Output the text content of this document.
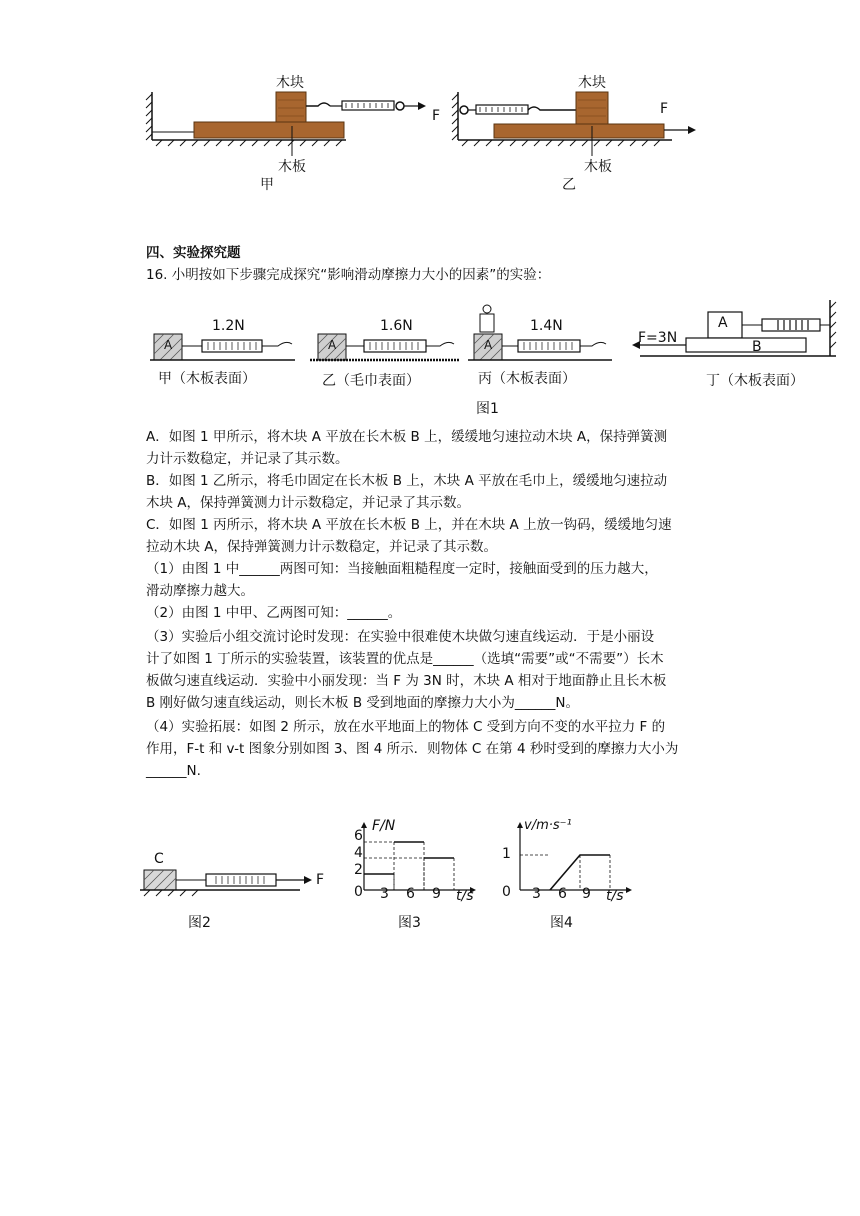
木块
木板
F
甲
木块
木板
F
乙
四、实验探究题
16. 小明按如下步骤完成探究“影响滑动摩擦力大小的因素”的实验：
A	A	A
A
B
F=3N
1.2N	1.6N	1.4N
甲（木板表面）	乙（毛巾表面）	丙（木板表面）	丁（木板表面）
图1
A．如图 1 甲所示，将木块 A 平放在长木板 B 上，缓缓地匀速拉动木块 A，保持弹簧测
力计示数稳定，并记录了其示数。
B．如图 1 乙所示，将毛巾固定在长木板 B 上，木块 A 平放在毛巾上，缓缓地匀速拉动
木块 A，保持弹簧测力计示数稳定，并记录了其示数。
C．如图 1 丙所示，将木块 A 平放在长木板 B 上，并在木块 A 上放一钩码，缓缓地匀速
拉动木块 A，保持弹簧测力计示数稳定，并记录了其示数。
（1）由图 1 中______两图可知：当接触面粗糙程度一定时，接触面受到的压力越大，
滑动摩擦力越大。
（2）由图 1 中甲、乙两图可知：______。
（3）实验后小组交流讨论时发现：在实验中很难使木块做匀速直线运动．于是小丽设
计了如图 1 丁所示的实验装置，该装置的优点是______（选填“需要”或“不需要”）长木
板做匀速直线运动．实验中小丽发现：当 F 为 3N 时，木块 A 相对于地面静止且长木板
B 刚好做匀速直线运动，则长木板 B 受到地面的摩擦力大小为______N。
（4）实验拓展：如图 2 所示，放在水平地面上的物体 C 受到方向不变的水平拉力 F 的
作用，F-t 和 v-t 图象分别如图 3、图 4 所示．则物体 C 在第 4 秒时受到的摩擦力大小为
______N.
C
F
图2
F/N
t/s
0
2
4
6
3 6 9
图3
v/m·s⁻¹
t/s
0
1
3 6 9
图4
